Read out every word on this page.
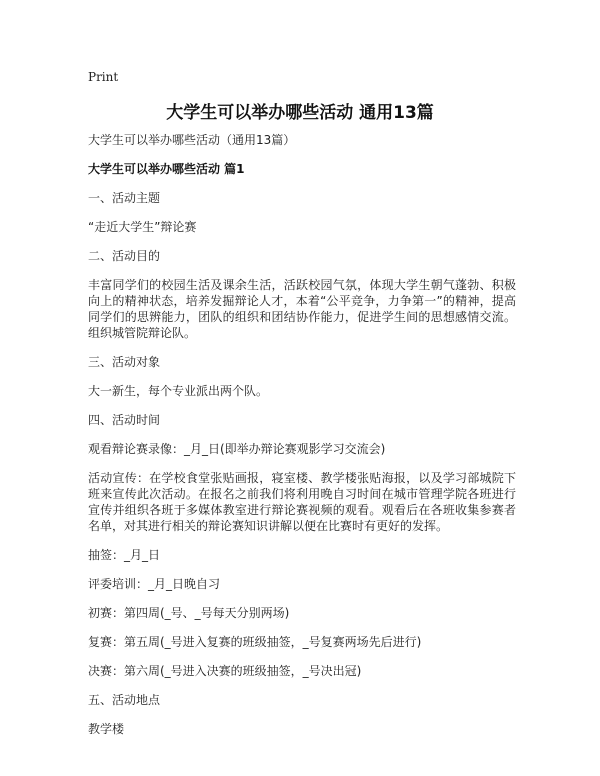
Print
大学生可以举办哪些活动 通用13篇

大学生可以举办哪些活动（通用13篇）

大学生可以举办哪些活动 篇1

一、活动主题

“走近大学生”辩论赛

二、活动目的

丰富同学们的校园生活及课余生活，活跃校园气氛，体现大学生朝气蓬勃、积极向上的精神状态，培养发掘辩论人才，本着“公平竞争，力争第一”的精神，提高同学们的思辨能力，团队的组织和团结协作能力，促进学生间的思想感情交流。组织城管院辩论队。

三、活动对象

大一新生，每个专业派出两个队。

四、活动时间

观看辩论赛录像：_月_日(即举办辩论赛观影学习交流会)

活动宣传：在学校食堂张贴画报，寝室楼、教学楼张贴海报，以及学习部城院下班来宣传此次活动。在报名之前我们将利用晚自习时间在城市管理学院各班进行宣传并组织各班于多媒体教室进行辩论赛视频的观看。观看后在各班收集参赛者名单，对其进行相关的辩论赛知识讲解以便在比赛时有更好的发挥。

抽签：_月_日

评委培训：_月_日晚自习

初赛：第四周(_号、_号每天分别两场)

复赛：第五周(_号进入复赛的班级抽签，_号复赛两场先后进行)

决赛：第六周(_号进入决赛的班级抽签，_号决出冠)

五、活动地点

教学楼
